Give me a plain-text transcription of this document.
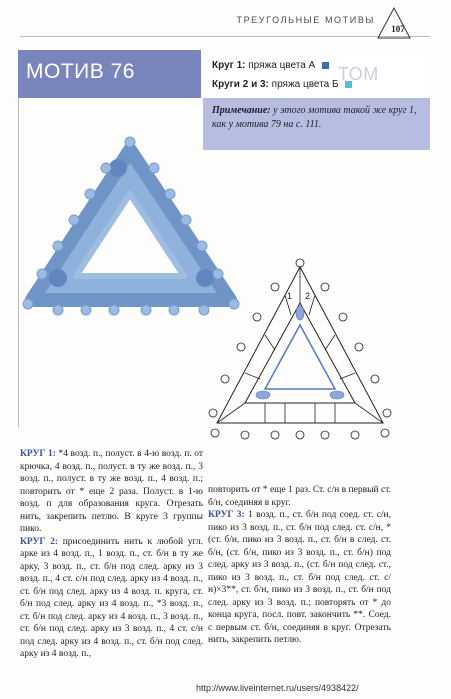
ТРЕУГОЛЬНЫЕ МОТИВЫ
107
МОТИВ 76	Круг 1: пряжа цвета А
Круги 2 и 3: пряжа цвета Б
ТОМ
Примечание: у этого мотива такой же круг 1, как у мотива 79 на с. 111.
1 2

КРУГ 1: *4 возд. п., полуст. в 4-ю возд. п. от крючка, 4 возд. п., полуст. в ту же возд. п., 3 возд. п., полуст. в ту же возд. п., 4 возд. п.; повторить от * еще 2 раза. Полуст. в 1-ю возд. п для образования круга. Отрезать нить, закрепить петлю. В круге 3 группы пико.

КРУГ 2: присоединить нить к любой угл. арке из 4 возд. п., 1 возд. п., ст. б/н в ту же арку, 3 возд. п., ст. б/н под след. арку из 3 возд. п., 4 ст. с/н под след. арку из 4 возд. п., ст. б/н под след. арку из 4 возд. п. круга, ст. б/н под след. арку из 4 возд. п., *3 возд. п., ст. б/н под след. арку из 4 возд. п., 3 возд. п., ст. б/н под след. арку из 3 возд. п., 4 ст. с/н под след. арку из 4 возд. п., ст. б/н под след. арку из 4 возд. п.,

повторить от * еще 1 раз. Ст. с/н в первый ст. б/н, соединяя в круг.

КРУГ 3: 1 возд. п., ст. б/н под соед. ст. с/н, пико из 3 возд. п., ст. б/н под след. ст. с/н, *(ст. б/н, пико из 3 возд. п., ст. б/н в след. ст. б/н, (ст. б/н, пико из 3 возд. п., ст. б/н) под след. арку из 3 возд. п., (ст. б/н под след. ст., пико из 3 возд. п., ст. б/н под след. ст. с/н)×3**, ст. б/н, пико из 3 возд. п., ст. б/н под след. арку из 3 возд. п.; повторять от * до конца круга, посл. повт. закончить **. Соед. с первым ст. б/н, соединяя в круг. Отрезать нить, закрепить петлю.

http://www.liveinternet.ru/users/4938422/
